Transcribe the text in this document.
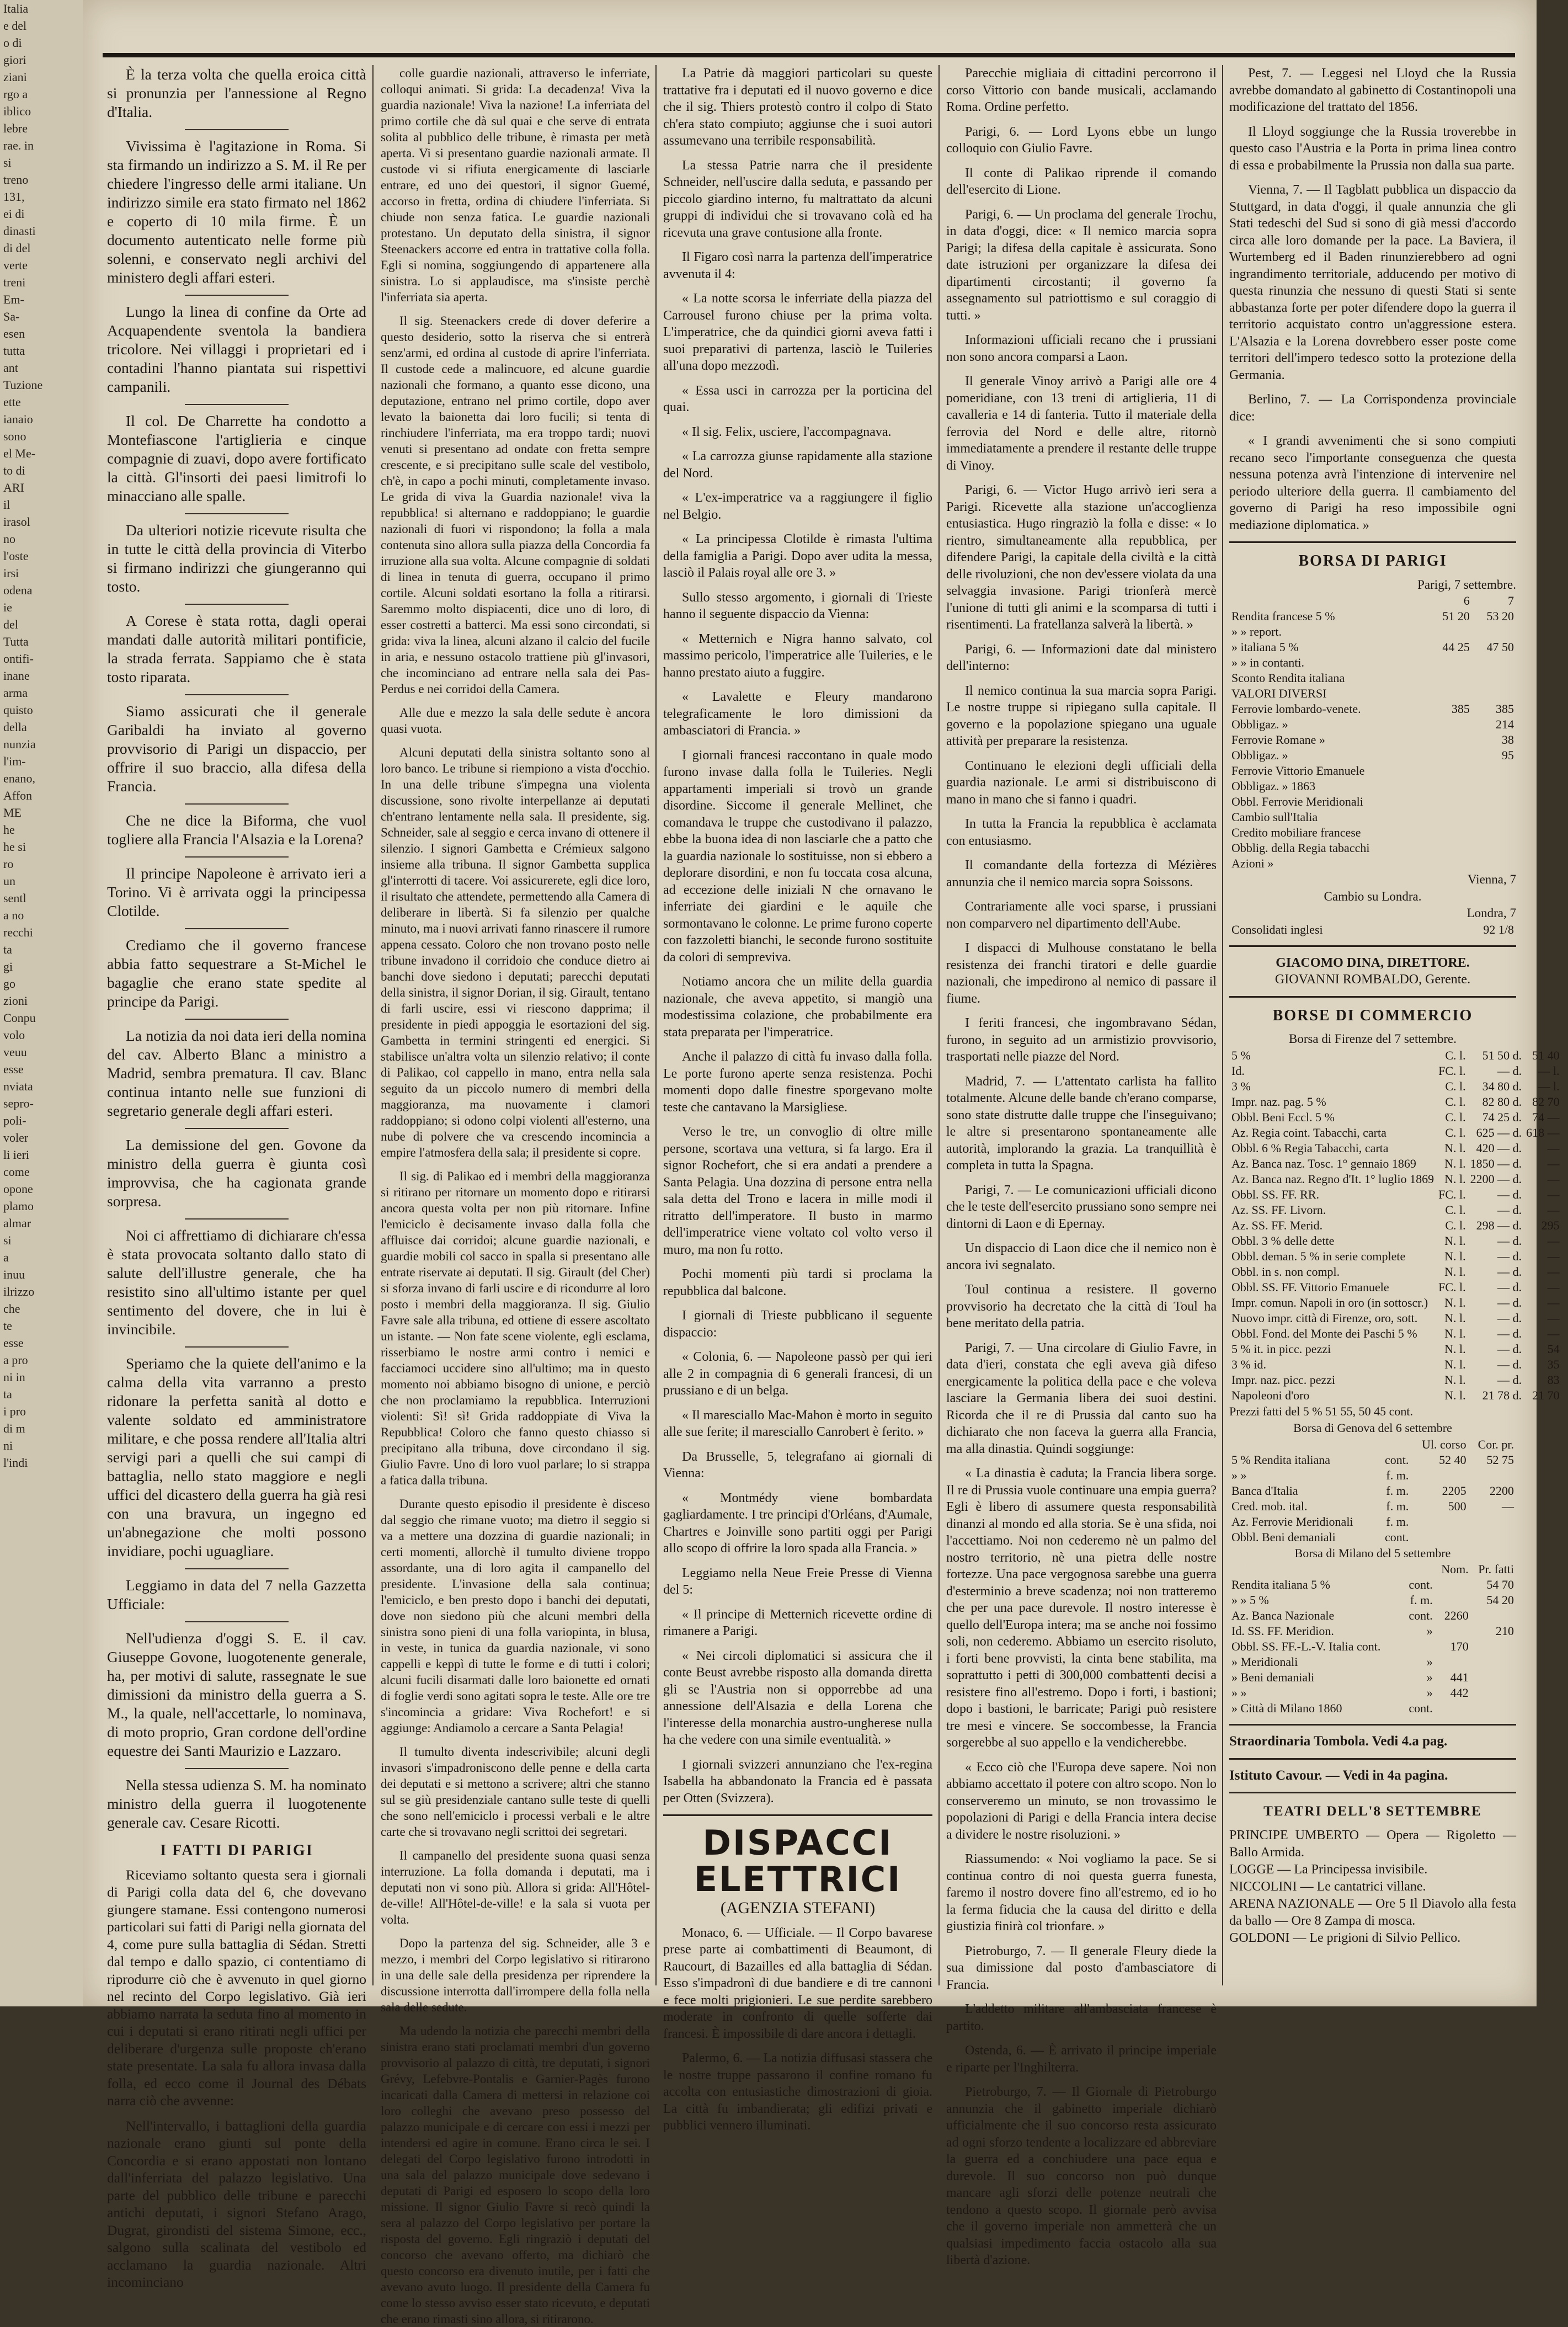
Italia
e del
o di
giori
ziani
rgo a
iblico
lebre
rae. in
si
treno
131,
ei di
dinasti
di del
verte
treni
Em-
Sa-
esen
tutta
ant
Tuzione
ette
ianaio
sono
el Me-
to di
ARI
il
irasol
no
l'oste
irsi
odena
ie
del
Tutta
ontifi-
inane
arma
quisto
della
nunzia
l'im-
enano,
Affon
ME
he
he si
ro
un
sentl
a no
recchi
ta
gi
go
zioni
Conpu
volo
veuu
esse
nviata
sepro-
poli-
voler
li ieri
come
opone
plamo
almar
si
a
inuu
ilrizzo
che
te
esse
a pro
ni in
ta
i pro
di m
ni
l'indi

È la terza volta che quella eroica città si pronunzia per l'annessione al Regno d'Italia.

Vivissima è l'agitazione in Roma. Si sta firmando un indirizzo a S. M. il Re per chiedere l'ingresso delle armi italiane. Un indirizzo simile era stato firmato nel 1862 e coperto di 10 mila firme. È un documento autenticato nelle forme più solenni, e conservato negli archivi del ministero degli affari esteri.

Lungo la linea di confine da Orte ad Acquapendente sventola la bandiera tricolore. Nei villaggi i proprietari ed i contadini l'hanno piantata sui rispettivi campanili.

Il col. De Charrette ha condotto a Montefiascone l'artiglieria e cinque compagnie di zuavi, dopo avere fortificato la città. Gl'insorti dei paesi limitrofi lo minacciano alle spalle.

Da ulteriori notizie ricevute risulta che in tutte le città della provincia di Viterbo si firmano indirizzi che giungeranno qui tosto.

A Corese è stata rotta, dagli operai mandati dalle autorità militari pontificie, la strada ferrata. Sappiamo che è stata tosto riparata.

Siamo assicurati che il generale Garibaldi ha inviato al governo provvisorio di Parigi un dispaccio, per offrire il suo braccio, alla difesa della Francia.

Che ne dice la Biforma, che vuol togliere alla Francia l'Alsazia e la Lorena?

Il principe Napoleone è arrivato ieri a Torino. Vi è arrivata oggi la principessa Clotilde.

Crediamo che il governo francese abbia fatto sequestrare a St-Michel le bagaglie che erano state spedite al principe da Parigi.

La notizia da noi data ieri della nomina del cav. Alberto Blanc a ministro a Madrid, sembra prematura. Il cav. Blanc continua intanto nelle sue funzioni di segretario generale degli affari esteri.

La demissione del gen. Govone da ministro della guerra è giunta così improvvisa, che ha cagionata grande sorpresa.

Noi ci affrettiamo di dichiarare ch'essa è stata provocata soltanto dallo stato di salute dell'illustre generale, che ha resistito sino all'ultimo istante per quel sentimento del dovere, che in lui è invincibile.

Speriamo che la quiete dell'animo e la calma della vita varranno a presto ridonare la perfetta sanità al dotto e valente soldato ed amministratore militare, e che possa rendere all'Italia altri servigi pari a quelli che sui campi di battaglia, nello stato maggiore e negli uffici del dicastero della guerra ha già resi con una bravura, un ingegno ed un'abnegazione che molti possono invidiare, pochi uguagliare.

Leggiamo in data del 7 nella Gazzetta Ufficiale:

Nell'udienza d'oggi S. E. il cav. Giuseppe Govone, luogotenente generale, ha, per motivi di salute, rassegnate le sue dimissioni da ministro della guerra a S. M., la quale, nell'accettarle, lo nominava, di moto proprio, Gran cordone dell'ordine equestre dei Santi Maurizio e Lazzaro.

Nella stessa udienza S. M. ha nominato ministro della guerra il luogotenente generale cav. Cesare Ricotti.

I FATTI DI PARIGI

Riceviamo soltanto questa sera i giornali di Parigi colla data del 6, che dovevano giungere stamane. Essi contengono numerosi particolari sui fatti di Parigi nella giornata del 4, come pure sulla battaglia di Sédan. Stretti dal tempo e dallo spazio, ci contentiamo di riprodurre ciò che è avvenuto in quel giorno nel recinto del Corpo legislativo. Già ieri abbiamo narrata la seduta fino al momento in cui i deputati si erano ritirati negli uffici per deliberare d'urgenza sulle proposte ch'erano state presentate. La sala fu allora invasa dalla folla, ed ecco come il Journal des Débats narra ciò che avvenne:

Nell'intervallo, i battaglioni della guardia nazionale erano giunti sul ponte della Concordia e si erano appostati non lontano dall'inferriata del palazzo legislativo. Una parte del pubblico delle tribune e parecchi antichi deputati, i signori Stefano Arago, Dugrat, girondisti del sistema Simone, ecc., salgono sulla scalinata del vestibolo ed acclamano la guardia nazionale. Altri incominciano

colle guardie nazionali, attraverso le inferriate, colloqui animati. Si grida: La decadenza! Viva la guardia nazionale! Viva la nazione! La inferriata del primo cortile che dà sul quai e che serve di entrata solita al pubblico delle tribune, è rimasta per metà aperta. Vi si presentano guardie nazionali armate. Il custode vi si rifiuta energicamente di lasciarle entrare, ed uno dei questori, il signor Guemé, accorso in fretta, ordina di chiudere l'inferriata. Si chiude non senza fatica. Le guardie nazionali protestano. Un deputato della sinistra, il signor Steenackers accorre ed entra in trattative colla folla. Egli si nomina, soggiungendo di appartenere alla sinistra. Lo si applaudisce, ma s'insiste perchè l'inferriata sia aperta.

Il sig. Steenackers crede di dover deferire a questo desiderio, sotto la riserva che si entrerà senz'armi, ed ordina al custode di aprire l'inferriata. Il custode cede a malincuore, ed alcune guardie nazionali che formano, a quanto esse dicono, una deputazione, entrano nel primo cortile, dopo aver levato la baionetta dai loro fucili; si tenta di rinchiudere l'inferriata, ma era troppo tardi; nuovi venuti si presentano ad ondate con fretta sempre crescente, e si precipitano sulle scale del vestibolo, ch'è, in capo a pochi minuti, completamente invaso. Le grida di viva la Guardia nazionale! viva la repubblica! si alternano e raddoppiano; le guardie nazionali di fuori vi rispondono; la folla a mala contenuta sino allora sulla piazza della Concordia fa irruzione alla sua volta. Alcune compagnie di soldati di linea in tenuta di guerra, occupano il primo cortile. Alcuni soldati esortano la folla a ritirarsi. Saremmo molto dispiacenti, dice uno di loro, di esser costretti a batterci. Ma essi sono circondati, si grida: viva la linea, alcuni alzano il calcio del fucile in aria, e nessuno ostacolo trattiene più gl'invasori, che incominciano ad entrare nella sala dei Pas-Perdus e nei corridoi della Camera.

Alle due e mezzo la sala delle sedute è ancora quasi vuota.

Alcuni deputati della sinistra soltanto sono al loro banco. Le tribune si riempiono a vista d'occhio. In una delle tribune s'impegna una violenta discussione, sono rivolte interpellanze ai deputati ch'entrano lentamente nella sala. Il presidente, sig. Schneider, sale al seggio e cerca invano di ottenere il silenzio. I signori Gambetta e Crémieux salgono insieme alla tribuna. Il signor Gambetta supplica gl'interrotti di tacere. Voi assicurerete, egli dice loro, il risultato che attendete, permettendo alla Camera di deliberare in libertà. Si fa silenzio per qualche minuto, ma i nuovi arrivati fanno rinascere il rumore appena cessato. Coloro che non trovano posto nelle tribune invadono il corridoio che conduce dietro ai banchi dove siedono i deputati; parecchi deputati della sinistra, il signor Dorian, il sig. Girault, tentano di farli uscire, essi vi riescono dapprima; il presidente in piedi appoggia le esortazioni del sig. Gambetta in termini stringenti ed energici. Si stabilisce un'altra volta un silenzio relativo; il conte di Palikao, col cappello in mano, entra nella sala seguito da un piccolo numero di membri della maggioranza, ma nuovamente i clamori raddoppiano; si odono colpi violenti all'esterno, una nube di polvere che va crescendo incomincia a empire l'atmosfera della sala; il presidente si copre.

Il sig. di Palikao ed i membri della maggioranza si ritirano per ritornare un momento dopo e ritirarsi ancora questa volta per non più ritornare. Infine l'emiciclo è decisamente invaso dalla folla che affluisce dai corridoi; alcune guardie nazionali, e guardie mobili col sacco in spalla si presentano alle entrate riservate ai deputati. Il sig. Girault (del Cher) si sforza invano di farli uscire e di ricondurre al loro posto i membri della maggioranza. Il sig. Giulio Favre sale alla tribuna, ed ottiene di essere ascoltato un istante. — Non fate scene violente, egli esclama, risserbiamo le nostre armi contro i nemici e facciamoci uccidere sino all'ultimo; ma in questo momento noi abbiamo bisogno di unione, e perciò che non proclamiamo la repubblica. Interruzioni violenti: Sì! sì! Grida raddoppiate di Viva la Repubblica! Coloro che fanno questo chiasso si precipitano alla tribuna, dove circondano il sig. Giulio Favre. Uno di loro vuol parlare; lo si strappa a fatica dalla tribuna.

Durante questo episodio il presidente è disceso dal seggio che rimane vuoto; ma dietro il seggio si va a mettere una dozzina di guardie nazionali; in certi momenti, allorchè il tumulto diviene troppo assordante, una di loro agita il campanello del presidente. L'invasione della sala continua; l'emiciclo, e ben presto dopo i banchi dei deputati, dove non siedono più che alcuni membri della sinistra sono pieni di una folla variopinta, in blusa, in veste, in tunica da guardia nazionale, vi sono cappelli e keppì di tutte le forme e di tutti i colori; alcuni fucili disarmati dalle loro baionette ed ornati di foglie verdi sono agitati sopra le teste. Alle ore tre s'incomincia a gridare: Viva Rochefort! e si aggiunge: Andiamolo a cercare a Santa Pelagia!

Il tumulto diventa indescrivibile; alcuni degli invasori s'impadroniscono delle penne e della carta dei deputati e si mettono a scrivere; altri che stanno sul se giù presidenziale cantano sulle teste di quelli che sono nell'emiciclo i processi verbali e le altre carte che si trovavano negli scrittoi dei segretari.

Il campanello del presidente suona quasi senza interruzione. La folla domanda i deputati, ma i deputati non vi sono più. Allora si grida: All'Hôtel-de-ville! All'Hôtel-de-ville! e la sala si vuota per volta.

Dopo la partenza del sig. Schneider, alle 3 e mezzo, i membri del Corpo legislativo si ritirarono in una delle sale della presidenza per riprendere la discussione interrotta dall'irrompere della folla nella sala delle sedute.

Ma udendo la notizia che parecchi membri della sinistra erano stati proclamati membri d'un governo provvisorio al palazzo di città, tre deputati, i signori Grévy, Lefebvre-Pontalis e Garnier-Pagès furono incaricati dalla Camera di mettersi in relazione coi loro colleghi che avevano preso possesso del palazzo municipale e di cercare con essi i mezzi per intendersi ed agire in comune. Erano circa le sei. I delegati del Corpo legislativo furono introdotti in una sala del palazzo municipale dove sedevano i deputati di Parigi ed esposero lo scopo della loro missione. Il signor Giulio Favre si recò quindi la sera al palazzo del Corpo legislativo per portare la risposta del governo. Egli ringraziò i deputati del concorso che avevano offerto, ma dichiarò che questo concorso era divenuto inutile, per i fatti che avevano avuto luogo. Il presidente della Camera fu come lo stesso avviso esser stato ricevuto, e deputati che erano rimasti sino allora, si ritirarono.

La Patrie dà maggiori particolari su queste trattative fra i deputati ed il nuovo governo e dice che il sig. Thiers protestò contro il colpo di Stato ch'era stato compiuto; aggiunse che i suoi autori assumevano una terribile responsabilità.

La stessa Patrie narra che il presidente Schneider, nell'uscire dalla seduta, e passando per piccolo giardino interno, fu maltrattato da alcuni gruppi di individui che si trovavano colà ed ha ricevuta una grave contusione alla fronte.

Il Figaro così narra la partenza dell'imperatrice avvenuta il 4:

« La notte scorsa le inferriate della piazza del Carrousel furono chiuse per la prima volta. L'imperatrice, che da quindici giorni aveva fatti i suoi preparativi di partenza, lasciò le Tuileries all'una dopo mezzodì.

« Essa usci in carrozza per la porticina del quai.

« Il sig. Felix, usciere, l'accompagnava.

« La carrozza giunse rapidamente alla stazione del Nord.

« L'ex-imperatrice va a raggiungere il figlio nel Belgio.

« La principessa Clotilde è rimasta l'ultima della famiglia a Parigi. Dopo aver udita la messa, lasciò il Palais royal alle ore 3. »

Sullo stesso argomento, i giornali di Trieste hanno il seguente dispaccio da Vienna:

« Metternich e Nigra hanno salvato, col massimo pericolo, l'imperatrice alle Tuileries, e le hanno prestato aiuto a fuggire.

« Lavalette e Fleury mandarono telegraficamente le loro dimissioni da ambasciatori di Francia. »

I giornali francesi raccontano in quale modo furono invase dalla folla le Tuileries. Negli appartamenti imperiali si trovò un grande disordine. Siccome il generale Mellinet, che comandava le truppe che custodivano il palazzo, ebbe la buona idea di non lasciarle che a patto che la guardia nazionale lo sostituisse, non si ebbero a deplorare disordini, e non fu toccata cosa alcuna, ad eccezione delle iniziali N che ornavano le inferriate dei giardini e le aquile che sormontavano le colonne. Le prime furono coperte con fazzoletti bianchi, le seconde furono sostituite da colori di sempreviva.

Notiamo ancora che un milite della guardia nazionale, che aveva appetito, si mangiò una modestissima colazione, che probabilmente era stata preparata per l'imperatrice.

Anche il palazzo di città fu invaso dalla folla. Le porte furono aperte senza resistenza. Pochi momenti dopo dalle finestre sporgevano molte teste che cantavano la Marsigliese.

Verso le tre, un convoglio di oltre mille persone, scortava una vettura, si fa largo. Era il signor Rochefort, che si era andati a prendere a Santa Pelagia. Una dozzina di persone entra nella sala detta del Trono e lacera in mille modi il ritratto dell'imperatore. Il busto in marmo dell'imperatrice viene voltato col volto verso il muro, ma non fu rotto.

Pochi momenti più tardi si proclama la repubblica dal balcone.

I giornali di Trieste pubblicano il seguente dispaccio:

« Colonia, 6. — Napoleone passò per qui ieri alle 2 in compagnia di 6 generali francesi, di un prussiano e di un belga.

« Il maresciallo Mac-Mahon è morto in seguito alle sue ferite; il maresciallo Canrobert è ferito. »

Da Brusselle, 5, telegrafano ai giornali di Vienna:

« Montmédy viene bombardata gagliardamente. I tre principi d'Orléans, d'Aumale, Chartres e Joinville sono partiti oggi per Parigi allo scopo di offrire la loro spada alla Francia. »

Leggiamo nella Neue Freie Presse di Vienna del 5:

« Il principe di Metternich ricevette ordine di rimanere a Parigi.

« Nei circoli diplomatici si assicura che il conte Beust avrebbe risposto alla domanda diretta gli se l'Austria non si opporrebbe ad una annessione dell'Alsazia e della Lorena che l'interesse della monarchia austro-ungherese nulla ha che vedere con una simile eventualità. »

I giornali svizzeri annunziano che l'ex-regina Isabella ha abbandonato la Francia ed è passata per Otten (Svizzera).

DISPACCI ELETTRICI
(AGENZIA STEFANI)

Monaco, 6. — Ufficiale. — Il Corpo bavarese prese parte ai combattimenti di Beaumont, di Raucourt, di Bazailles ed alla battaglia di Sédan. Esso s'impadronì di due bandiere e di tre cannoni e fece molti prigionieri. Le sue perdite sarebbero moderate in confronto di quelle sofferte dai francesi. È impossibile di dare ancora i dettagli.

Palermo, 6. — La notizia diffusasi stassera che le nostre truppe passarono il confine romano fu accolta con entusiastiche dimostrazioni di gioia. La città fu imbandierata; gli edifizi privati e pubblici vennero illuminati.

Parecchie migliaia di cittadini percorrono il corso Vittorio con bande musicali, acclamando Roma. Ordine perfetto.

Parigi, 6. — Lord Lyons ebbe un lungo colloquio con Giulio Favre.

Il conte di Palikao riprende il comando dell'esercito di Lione.

Parigi, 6. — Un proclama del generale Trochu, in data d'oggi, dice: « Il nemico marcia sopra Parigi; la difesa della capitale è assicurata. Sono date istruzioni per organizzare la difesa dei dipartimenti circostanti; il governo fa assegnamento sul patriottismo e sul coraggio di tutti. »

Informazioni ufficiali recano che i prussiani non sono ancora comparsi a Laon.

Il generale Vinoy arrivò a Parigi alle ore 4 pomeridiane, con 13 treni di artiglieria, 11 di cavalleria e 14 di fanteria. Tutto il materiale della ferrovia del Nord e delle altre, ritornò immediatamente a prendere il restante delle truppe di Vinoy.

Parigi, 6. — Victor Hugo arrivò ieri sera a Parigi. Ricevette alla stazione un'accoglienza entusiastica. Hugo ringraziò la folla e disse: « Io rientro, simultaneamente alla repubblica, per difendere Parigi, la capitale della civiltà e la città delle rivoluzioni, che non dev'essere violata da una selvaggia invasione. Parigi trionferà mercè l'unione di tutti gli animi e la scomparsa di tutti i risentimenti. La fratellanza salverà la libertà. »

Parigi, 6. — Informazioni date dal ministero dell'interno:

Il nemico continua la sua marcia sopra Parigi. Le nostre truppe si ripiegano sulla capitale. Il governo e la popolazione spiegano una uguale attività per preparare la resistenza.

Continuano le elezioni degli ufficiali della guardia nazionale. Le armi si distribuiscono di mano in mano che si fanno i quadri.

In tutta la Francia la repubblica è acclamata con entusiasmo.

Il comandante della fortezza di Mézières annunzia che il nemico marcia sopra Soissons.

Contrariamente alle voci sparse, i prussiani non comparvero nel dipartimento dell'Aube.

I dispacci di Mulhouse constatano le bella resistenza dei franchi tiratori e delle guardie nazionali, che impedirono al nemico di passare il fiume.

I feriti francesi, che ingombravano Sédan, furono, in seguito ad un armistizio provvisorio, trasportati nelle piazze del Nord.

Madrid, 7. — L'attentato carlista ha fallito totalmente. Alcune delle bande ch'erano comparse, sono state distrutte dalle truppe che l'inseguivano; le altre si presentarono spontaneamente alle autorità, implorando la grazia. La tranquillità è completa in tutta la Spagna.

Parigi, 7. — Le comunicazioni ufficiali dicono che le teste dell'esercito prussiano sono sempre nei dintorni di Laon e di Epernay.

Un dispaccio di Laon dice che il nemico non è ancora ivi segnalato.

Toul continua a resistere. Il governo provvisorio ha decretato che la città di Toul ha bene meritato della patria.

Parigi, 7. — Una circolare di Giulio Favre, in data d'ieri, constata che egli aveva già difeso energicamente la politica della pace e che voleva lasciare la Germania libera dei suoi destini. Ricorda che il re di Prussia dal canto suo ha dichiarato che non faceva la guerra alla Francia, ma alla dinastia. Quindi soggiunge:

« La dinastia è caduta; la Francia libera sorge. Il re di Prussia vuole continuare una empia guerra? Egli è libero di assumere questa responsabilità dinanzi al mondo ed alla storia. Se è una sfida, noi l'accettiamo. Noi non cederemo nè un palmo del nostro territorio, nè una pietra delle nostre fortezze. Una pace vergognosa sarebbe una guerra d'esterminio a breve scadenza; noi non tratteremo che per una pace durevole. Il nostro interesse è quello dell'Europa intera; ma se anche noi fossimo soli, non cederemo. Abbiamo un esercito risoluto, i forti bene provvisti, la cinta bene stabilita, ma soprattutto i petti di 300,000 combattenti decisi a resistere fino all'estremo. Dopo i forti, i bastioni; dopo i bastioni, le barricate; Parigi può resistere tre mesi e vincere. Se soccombesse, la Francia sorgerebbe al suo appello e la vendicherebbe.

« Ecco ciò che l'Europa deve sapere. Noi non abbiamo accettato il potere con altro scopo. Non lo conserveremo un minuto, se non trovassimo le popolazioni di Parigi e della Francia intera decise a dividere le nostre risoluzioni. »

Riassumendo: « Noi vogliamo la pace. Se si continua contro di noi questa guerra funesta, faremo il nostro dovere fino all'estremo, ed io ho la ferma fiducia che la causa del diritto e della giustizia finirà col trionfare. »

Pietroburgo, 7. — Il generale Fleury diede la sua dimissione dal posto d'ambasciatore di Francia.

L'addetto militare all'ambasciata francese è partito.

Ostenda, 6. — È arrivato il principe imperiale e riparte per l'Inghilterra.

Pietroburgo, 7. — Il Giornale di Pietroburgo annunzia che il gabinetto imperiale dichiarò ufficialmente che il suo concorso resta assicurato ad ogni sforzo tendente a localizzare ed abbreviare la guerra ed a conchiudere una pace equa e durevole. Il suo concorso non può dunque mancare agli sforzi delle potenze neutrali che tendono a questo scopo. Il giornale però avvisa che il governo imperiale non ammetterà che un qualsiasi impedimento faccia ostacolo alla sua libertà d'azione.

Pest, 7. — Leggesi nel Lloyd che la Russia avrebbe domandato al gabinetto di Costantinopoli una modificazione del trattato del 1856.

Il Lloyd soggiunge che la Russia troverebbe in questo caso l'Austria e la Porta in prima linea contro di essa e probabilmente la Prussia non dalla sua parte.

Vienna, 7. — Il Tagblatt pubblica un dispaccio da Stuttgard, in data d'oggi, il quale annunzia che gli Stati tedeschi del Sud si sono di già messi d'accordo circa alle loro domande per la pace. La Baviera, il Wurtemberg ed il Baden rinunzierebbero ad ogni ingrandimento territoriale, adducendo per motivo di questa rinunzia che nessuno di questi Stati si sente abbastanza forte per poter difendere dopo la guerra il territorio acquistato contro un'aggressione estera. L'Alsazia e la Lorena dovrebbero esser poste come territori dell'impero tedesco sotto la protezione della Germania.

Berlino, 7. — La Corrispondenza provinciale dice:

« I grandi avvenimenti che si sono compiuti recano seco l'importante conseguenza che questa nessuna potenza avrà l'intenzione di intervenire nel periodo ulteriore della guerra. Il cambiamento del governo di Parigi ha reso impossibile ogni mediazione diplomatica. »

BORSA DI PARIGI
Parigi, 7 settembre.
	6	7
Rendita francese 5 %	51 20	53 20
» » report.		
» italiana 5 %	44 25	47 50
» » in contanti.		
Sconto Rendita italiana		
VALORI DIVERSI		
Ferrovie lombardo-venete.	385	385
Obbligaz. »		214
Ferrovie Romane »		38
Obbligaz. »		95
Ferrovie Vittorio Emanuele		
Obbligaz. » 1863		
Obbl. Ferrovie Meridionali		
Cambio sull'Italia		
Credito mobiliare francese		
Obblig. della Regia tabacchi		
Azioni »		
Vienna, 7
Cambio su Londra.
Londra, 7
Consolidati inglesi	92 1/8
GIACOMO DINA, DIRETTORE.
GIOVANNI ROMBALDO, Gerente.
BORSE DI COMMERCIO
Borsa di Firenze del 7 settembre.
5 %	C. l.	51 50 d.	51 40
Id.	FC. l.	— d.	— l.
3 %	C. l.	34 80 d.	— l.
Impr. naz. pag. 5 %	C. l.	82 80 d.	82 70
Obbl. Beni Eccl. 5 %	C. l.	74 25 d.	74 —
Az. Regia coint. Tabacchi, carta	C. l.	625 — d.	618 —
Obbl. 6 % Regia Tabacchi, carta	N. l.	420 — d.	—
Az. Banca naz. Tosc. 1° gennaio 1869	N. l.	1850 — d.	—
Az. Banca naz. Regno d'It. 1° luglio 1869	N. l.	2200 — d.	—
Obbl. SS. FF. RR.	FC. l.	— d.	—
Az. SS. FF. Livorn.	C. l.	— d.	—
Az. SS. FF. Merid.	C. l.	298 — d.	295
Obbl. 3 % delle dette	N. l.	— d.	—
Obbl. deman. 5 % in serie complete	N. l.	— d.	—
Obbl. in s. non compl.	N. l.	— d.	—
Obbl. SS. FF. Vittorio Emanuele	FC. l.	— d.	—
Impr. comun. Napoli in oro (in sottoscr.)	N. l.	— d.	—
Nuovo impr. città di Firenze, oro, sott.	N. l.	— d.	—
Obbl. Fond. del Monte dei Paschi 5 %	N. l.	— d.	—
5 % it. in picc. pezzi	N. l.	— d.	54
3 % id.	N. l.	— d.	35
Impr. naz. picc. pezzi	N. l.	— d.	83
Napoleoni d'oro	N. l.	21 78 d.	21 70
Prezzi fatti del 5 % 51 55, 50 45 cont.
Borsa di Genova del 6 settembre
		Ul. corso	Cor. pr.
5 % Rendita italiana	cont.	52 40	52 75
» »	f. m.		
Banca d'Italia	f. m.	2205	2200
Cred. mob. ital.	f. m.	500	—
Az. Ferrovie Meridionali	f. m.		
Obbl. Beni demaniali	cont.		
Borsa di Milano del 5 settembre
		Nom.	Pr. fatti
Rendita italiana 5 %	cont.		54 70
» » 5 %	f. m.		54 20
Az. Banca Nazionale	cont.	2260	
Id. SS. FF. Meridion.	»		210
Obbl. SS. FF.-L.-V. Italia cont.		170	
» Meridionali	»		
» Beni demaniali	»	441	
» »	»	442	
» Città di Milano 1860	cont.		
Straordinaria Tombola. Vedi 4.a pag.
Istituto Cavour. — Vedi in 4a pagina.
TEATRI DELL'8 SETTEMBRE
PRINCIPE UMBERTO — Opera — Rigoletto — Ballo Armida.
LOGGE — La Principessa invisibile.
NICCOLINI — Le cantatrici villane.
ARENA NAZIONALE — Ore 5 Il Diavolo alla festa da ballo — Ore 8 Zampa di mosca.
GOLDONI — Le prigioni di Silvio Pellico.
